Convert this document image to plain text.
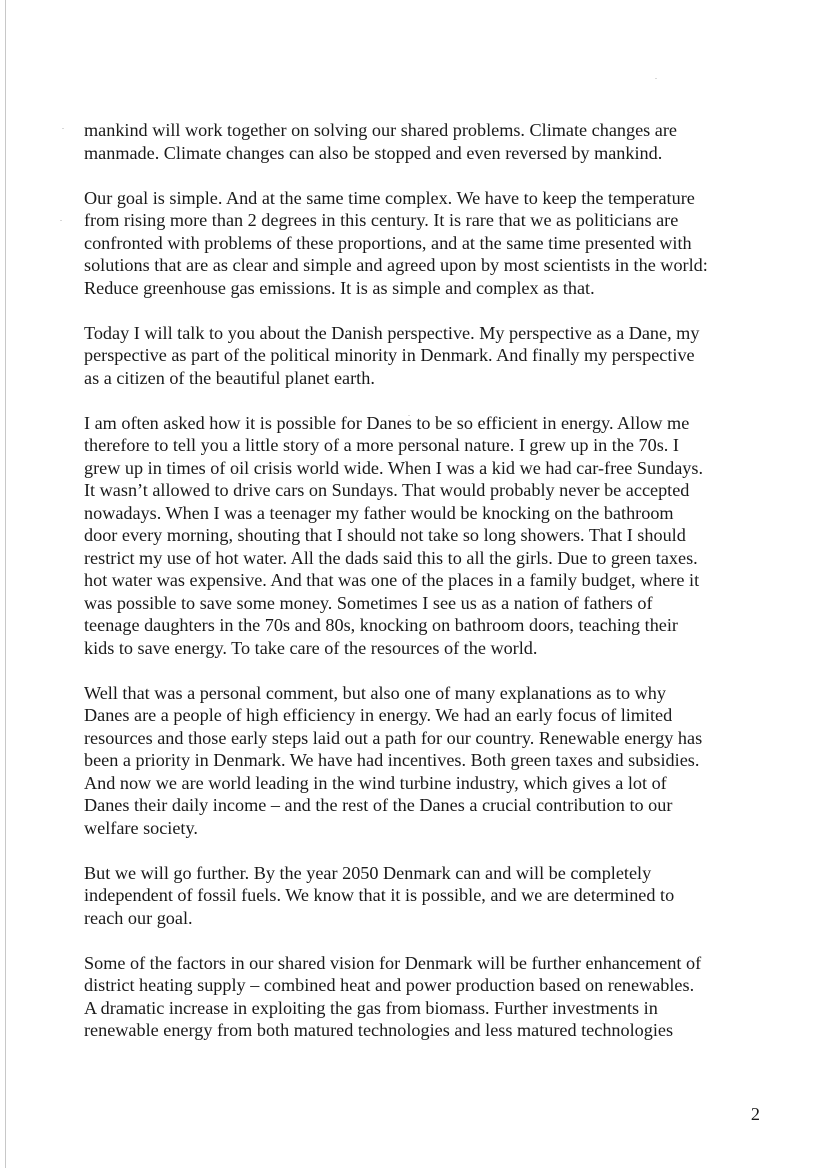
mankind will work together on solving our shared problems. Climate changes are
manmade. Climate changes can also be stopped and even reversed by mankind.

Our goal is simple. And at the same time complex. We have to keep the temperature
from rising more than 2 degrees in this century. It is rare that we as politicians are
confronted with problems of these proportions, and at the same time presented with
solutions that are as clear and simple and agreed upon by most scientists in the world:
Reduce greenhouse gas emissions. It is as simple and complex as that.

Today I will talk to you about the Danish perspective. My perspective as a Dane, my
perspective as part of the political minority in Denmark. And finally my perspective
as a citizen of the beautiful planet earth.

I am often asked how it is possible for Danes to be so efficient in energy. Allow me
therefore to tell you a little story of a more personal nature. I grew up in the 70s. I
grew up in times of oil crisis world wide. When I was a kid we had car-free Sundays.
It wasn’t allowed to drive cars on Sundays. That would probably never be accepted
nowadays. When I was a teenager my father would be knocking on the bathroom
door every morning, shouting that I should not take so long showers. That I should
restrict my use of hot water. All the dads said this to all the girls. Due to green taxes.
hot water was expensive. And that was one of the places in a family budget, where it
was possible to save some money. Sometimes I see us as a nation of fathers of
teenage daughters in the 70s and 80s, knocking on bathroom doors, teaching their
kids to save energy. To take care of the resources of the world.

Well that was a personal comment, but also one of many explanations as to why
Danes are a people of high efficiency in energy. We had an early focus of limited
resources and those early steps laid out a path for our country. Renewable energy has
been a priority in Denmark. We have had incentives. Both green taxes and subsidies.
And now we are world leading in the wind turbine industry, which gives a lot of
Danes their daily income – and the rest of the Danes a crucial contribution to our
welfare society.

But we will go further. By the year 2050 Denmark can and will be completely
independent of fossil fuels. We know that it is possible, and we are determined to
reach our goal.

Some of the factors in our shared vision for Denmark will be further enhancement of
district heating supply – combined heat and power production based on renewables.
A dramatic increase in exploiting the gas from biomass. Further investments in
renewable energy from both matured technologies and less matured technologies

2
